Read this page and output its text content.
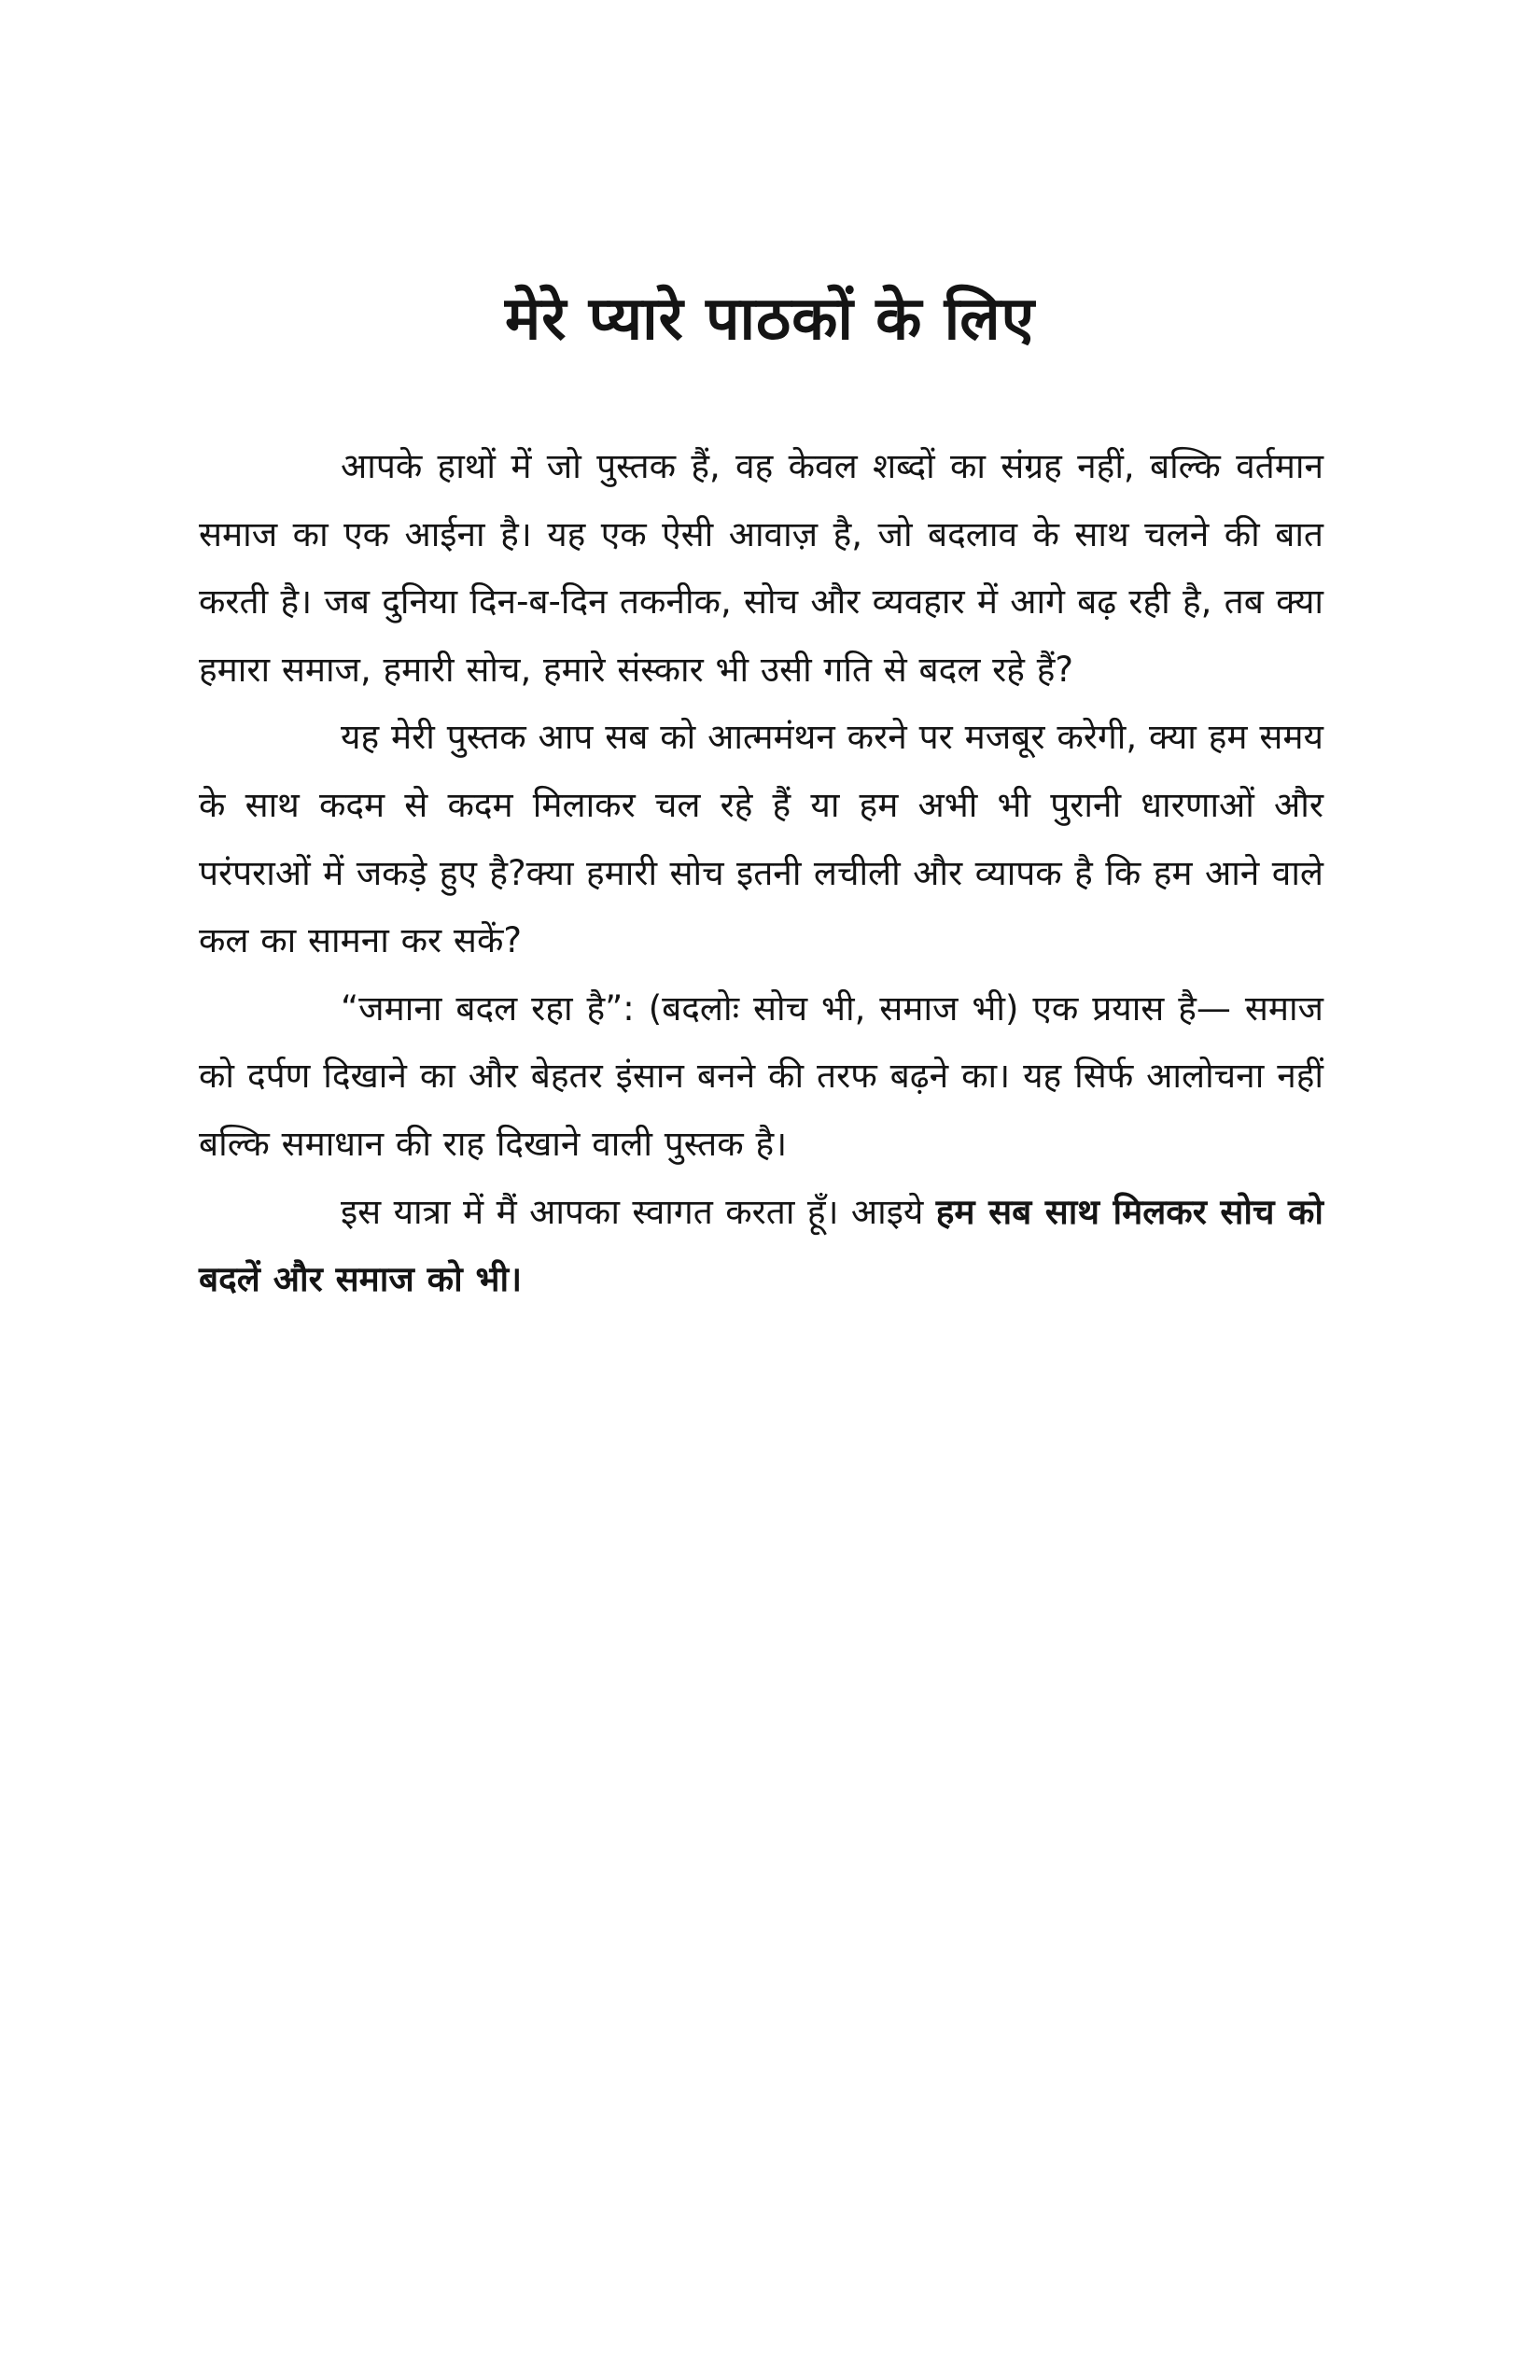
मेरे प्यारे पाठकों के लिए

आपके हाथों में जो पुस्तक हैं, वह केवल शब्दों का संग्रह नहीं, बल्कि वर्तमान समाज का एक आईना है। यह एक ऐसी आवाज़ है, जो बदलाव के साथ चलने की बात करती है। जब दुनिया दिन-ब-दिन तकनीक, सोच और व्यवहार में आगे बढ़ रही है, तब क्या हमारा समाज, हमारी सोच, हमारे संस्कार भी उसी गति से बदल रहे हैं?

यह मेरी पुस्तक आप सब को आत्ममंथन करने पर मजबूर करेगी, क्या हम समय के साथ कदम से कदम मिलाकर चल रहे हैं या हम अभी भी पुरानी धारणाओं और परंपराओं में जकड़े हुए है?क्या हमारी सोच इतनी लचीली और व्यापक है कि हम आने वाले कल का सामना कर सकें?

“जमाना बदल रहा है”: (बदलोः सोच भी, समाज भी) एक प्रयास है— समाज को दर्पण दिखाने का और बेहतर इंसान बनने की तरफ बढ़ने का। यह सिर्फ आलोचना नहीं बल्कि समाधान की राह दिखाने वाली पुस्तक है।

इस यात्रा में मैं आपका स्वागत करता हूँ। आइये हम सब साथ मिलकर सोच को बदलें और समाज को भी।
